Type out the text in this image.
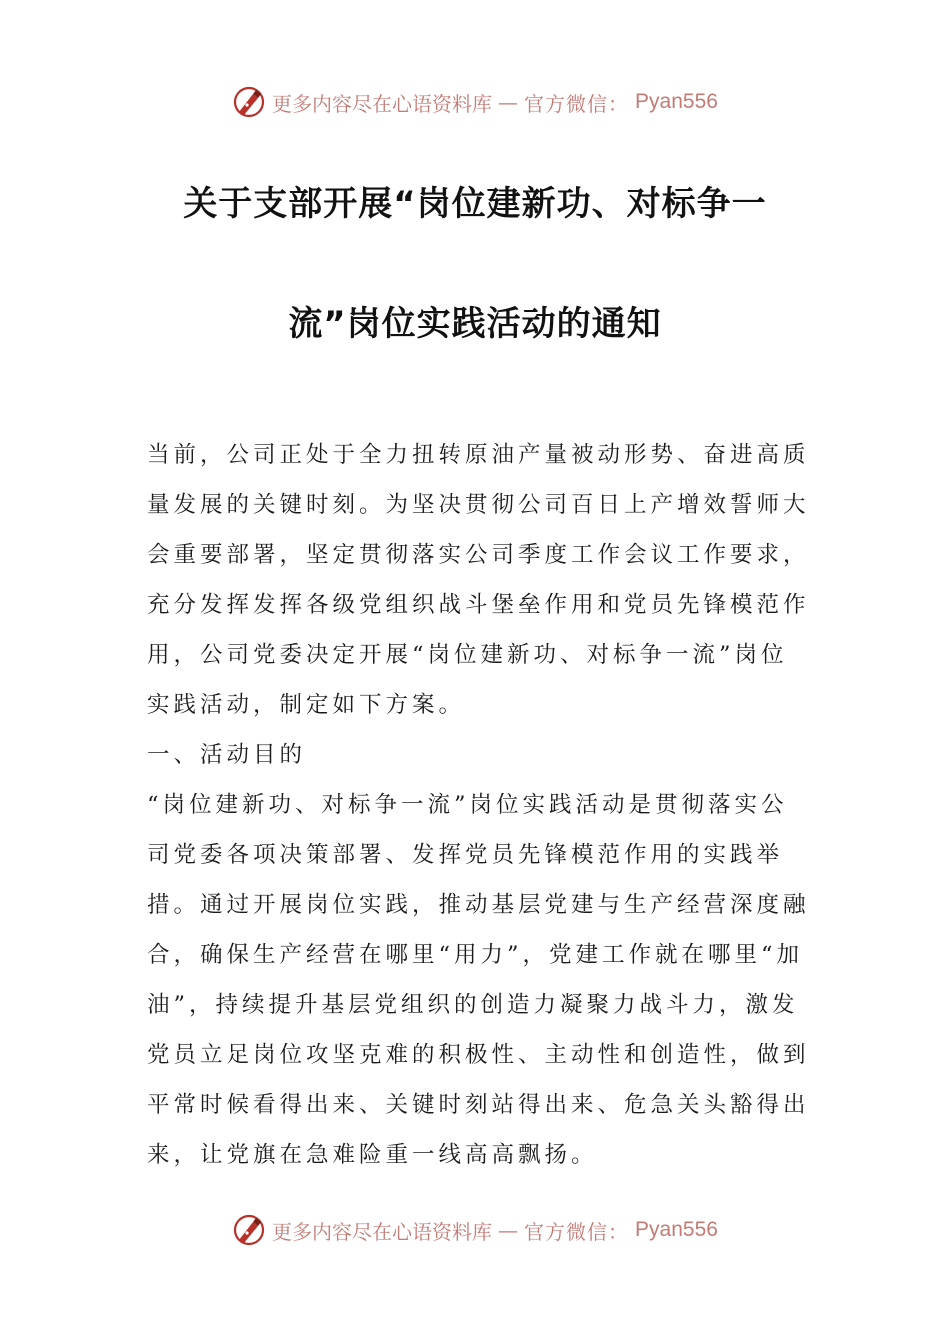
更多内容尽在心语资料库 — 官方微信： Pyan556
关于支部开展“岗位建新功、对标争一
流”岗位实践活动的通知

当前，公司正处于全力扭转原油产量被动形势、奋进高质量发展的关键时刻。为坚决贯彻公司百日上产增效誓师大会重要部署，坚定贯彻落实公司季度工作会议工作要求，充分发挥发挥各级党组织战斗堡垒作用和党员先锋模范作用，公司党委决定开展“岗位建新功、对标争一流”岗位实践活动，制定如下方案。

一、活动目的

“岗位建新功、对标争一流”岗位实践活动是贯彻落实公司党委各项决策部署、发挥党员先锋模范作用的实践举措。通过开展岗位实践，推动基层党建与生产经营深度融合，确保生产经营在哪里“用力”，党建工作就在哪里“加油”，持续提升基层党组织的创造力凝聚力战斗力，激发党员立足岗位攻坚克难的积极性、主动性和创造性，做到平常时候看得出来、关键时刻站得出来、危急关头豁得出来，让党旗在急难险重一线高高飘扬。

更多内容尽在心语资料库 — 官方微信： Pyan556
